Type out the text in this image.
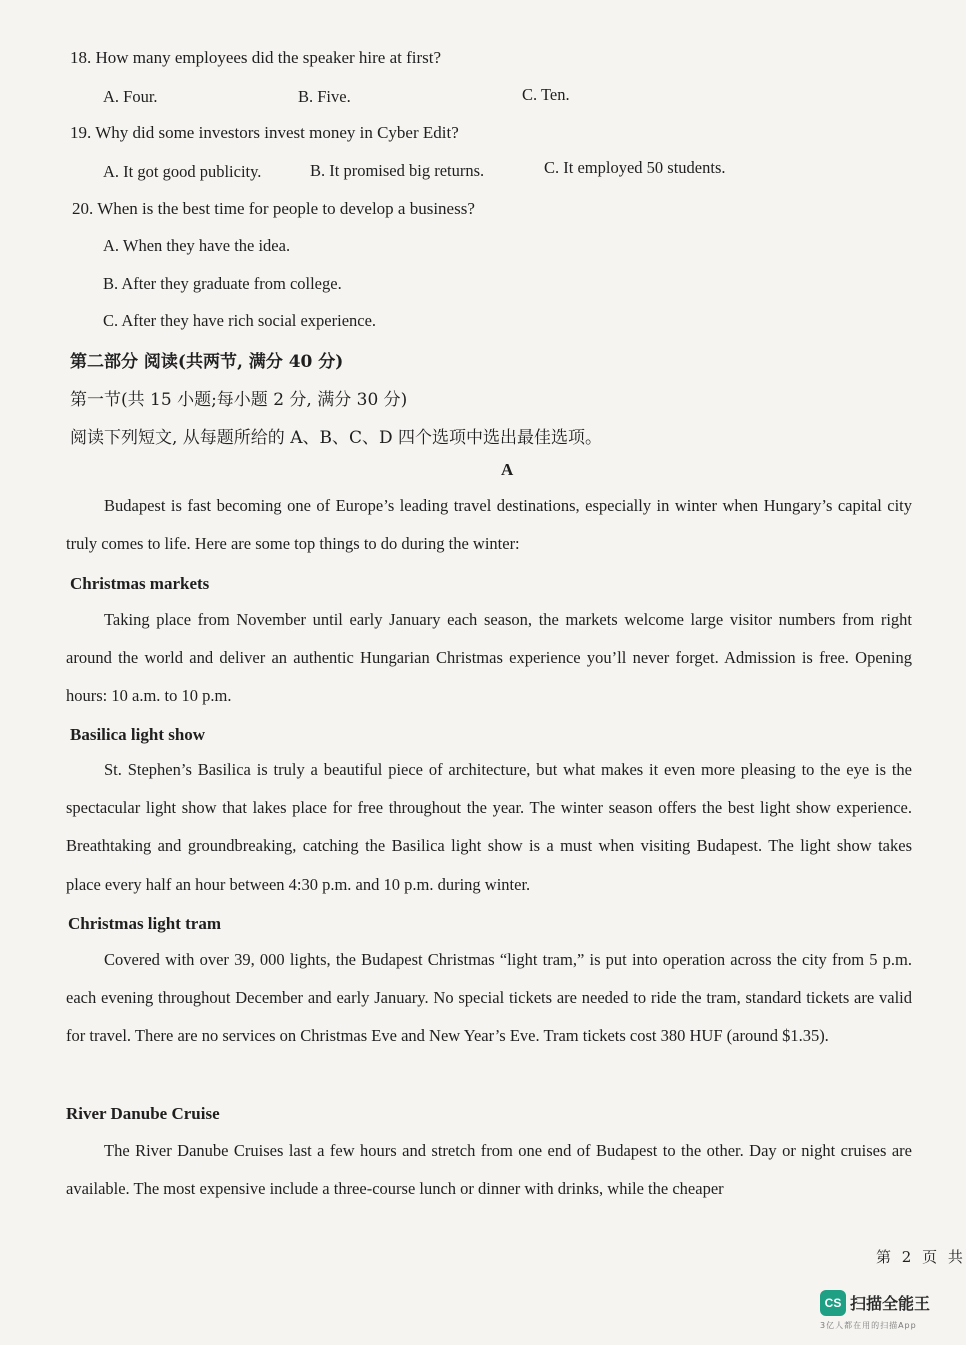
18. How many employees did the speaker hire at first?
A. Four.	B. Five.	C. Ten.
19. Why did some investors invest money in Cyber Edit?
A. It got good publicity.	B. It promised big returns.	C. It employed 50 students.
20. When is the best time for people to develop a business?
A. When they have the idea.
B. After they graduate from college.
C. After they have rich social experience.
第二部分 阅读(共两节, 满分 40 分)
第一节(共 15 小题;每小题 2 分, 满分 30 分)
阅读下列短文, 从每题所给的 A、B、C、D 四个选项中选出最佳选项。
A
Budapest is fast becoming one of Europe’s leading travel destinations, especially in winter when Hungary’s capital city truly comes to life. Here are some top things to do during the winter:
Christmas markets
Taking place from November until early January each season, the markets welcome large visitor numbers from right around the world and deliver an authentic Hungarian Christmas experience you’ll never forget. Admission is free. Opening hours: 10 a.m. to 10 p.m.
Basilica light show
St. Stephen’s Basilica is truly a beautiful piece of architecture, but what makes it even more pleasing to the eye is the spectacular light show that lakes place for free throughout the year. The winter season offers the best light show experience. Breathtaking and groundbreaking, catching the Basilica light show is a must when visiting Budapest. The light show takes place every half an hour between 4:30 p.m. and 10 p.m. during winter.
Christmas light tram
Covered with over 39, 000 lights, the Budapest Christmas “light tram,” is put into operation across the city from 5 p.m. each evening throughout December and early January. No special tickets are needed to ride the tram, standard tickets are valid for travel. There are no services on Christmas Eve and New Year’s Eve. Tram tickets cost 380 HUF (around $1.35).
River Danube Cruise
The River Danube Cruises last a few hours and stretch from one end of Budapest to the other. Day or night cruises are available. The most expensive include a three-course lunch or dinner with drinks, while the cheaper
第 2 页 共
CS 扫描全能王
3亿人都在用的扫描App
